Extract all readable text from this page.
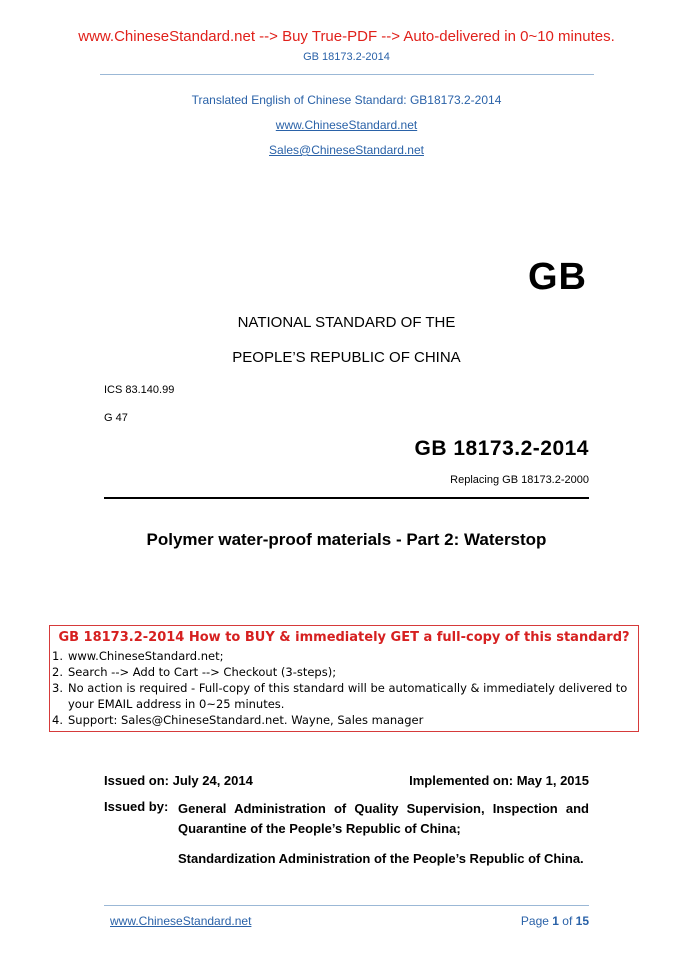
www.ChineseStandard.net --> Buy True-PDF --> Auto-delivered in 0~10 minutes.
GB 18173.2-2014
Translated English of Chinese Standard: GB18173.2-2014
www.ChineseStandard.net
Sales@ChineseStandard.net
GB
NATIONAL STANDARD OF THE
PEOPLE’S REPUBLIC OF CHINA
ICS 83.140.99
G 47
GB 18173.2-2014
Replacing GB 18173.2-2000
Polymer water-proof materials - Part 2: Waterstop
GB 18173.2-2014 How to BUY & immediately GET a full-copy of this standard?
1. www.ChineseStandard.net;
2. Search --> Add to Cart --> Checkout (3-steps);
3. No action is required - Full-copy of this standard will be automatically & immediately delivered to your EMAIL address in 0~25 minutes.
4. Support: Sales@ChineseStandard.net. Wayne, Sales manager
Issued on: July 24, 2014	Implemented on: May 1, 2015
Issued by: General Administration of Quality Supervision, Inspection and Quarantine of the People’s Republic of China;

Standardization Administration of the People’s Republic of China.

www.ChineseStandard.net	Page 1 of 15
